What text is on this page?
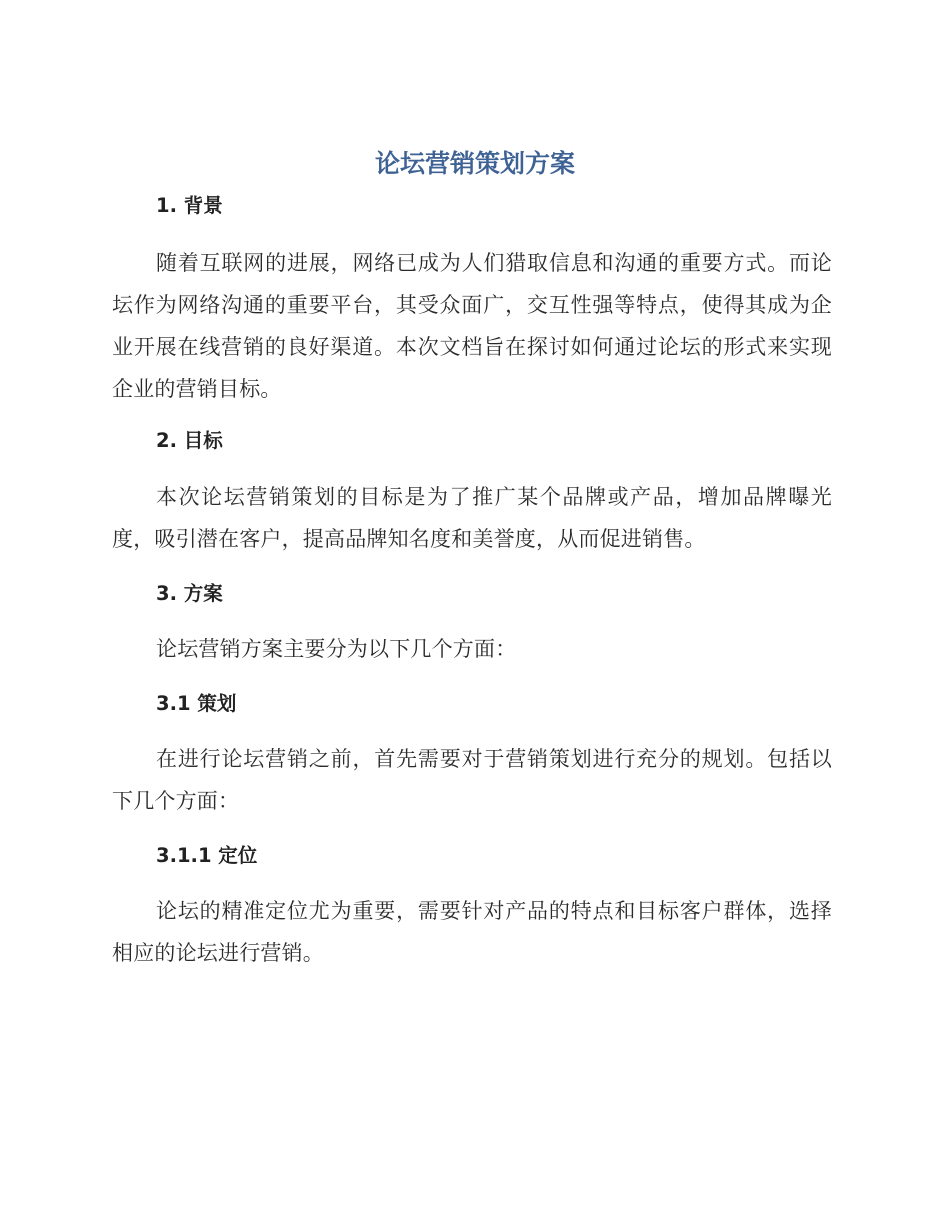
论坛营销策划方案
1. 背景

随着互联网的进展，网络已成为人们猎取信息和沟通的重要方式。而论坛作为网络沟通的重要平台，其受众面广，交互性强等特点，使得其成为企业开展在线营销的良好渠道。本次文档旨在探讨如何通过论坛的形式来实现企业的营销目标。

2. 目标

本次论坛营销策划的目标是为了推广某个品牌或产品，增加品牌曝光度，吸引潜在客户，提高品牌知名度和美誉度，从而促进销售。

3. 方案

论坛营销方案主要分为以下几个方面：

3.1 策划

在进行论坛营销之前，首先需要对于营销策划进行充分的规划。包括以下几个方面：

3.1.1 定位

论坛的精准定位尤为重要，需要针对产品的特点和目标客户群体，选择相应的论坛进行营销。
